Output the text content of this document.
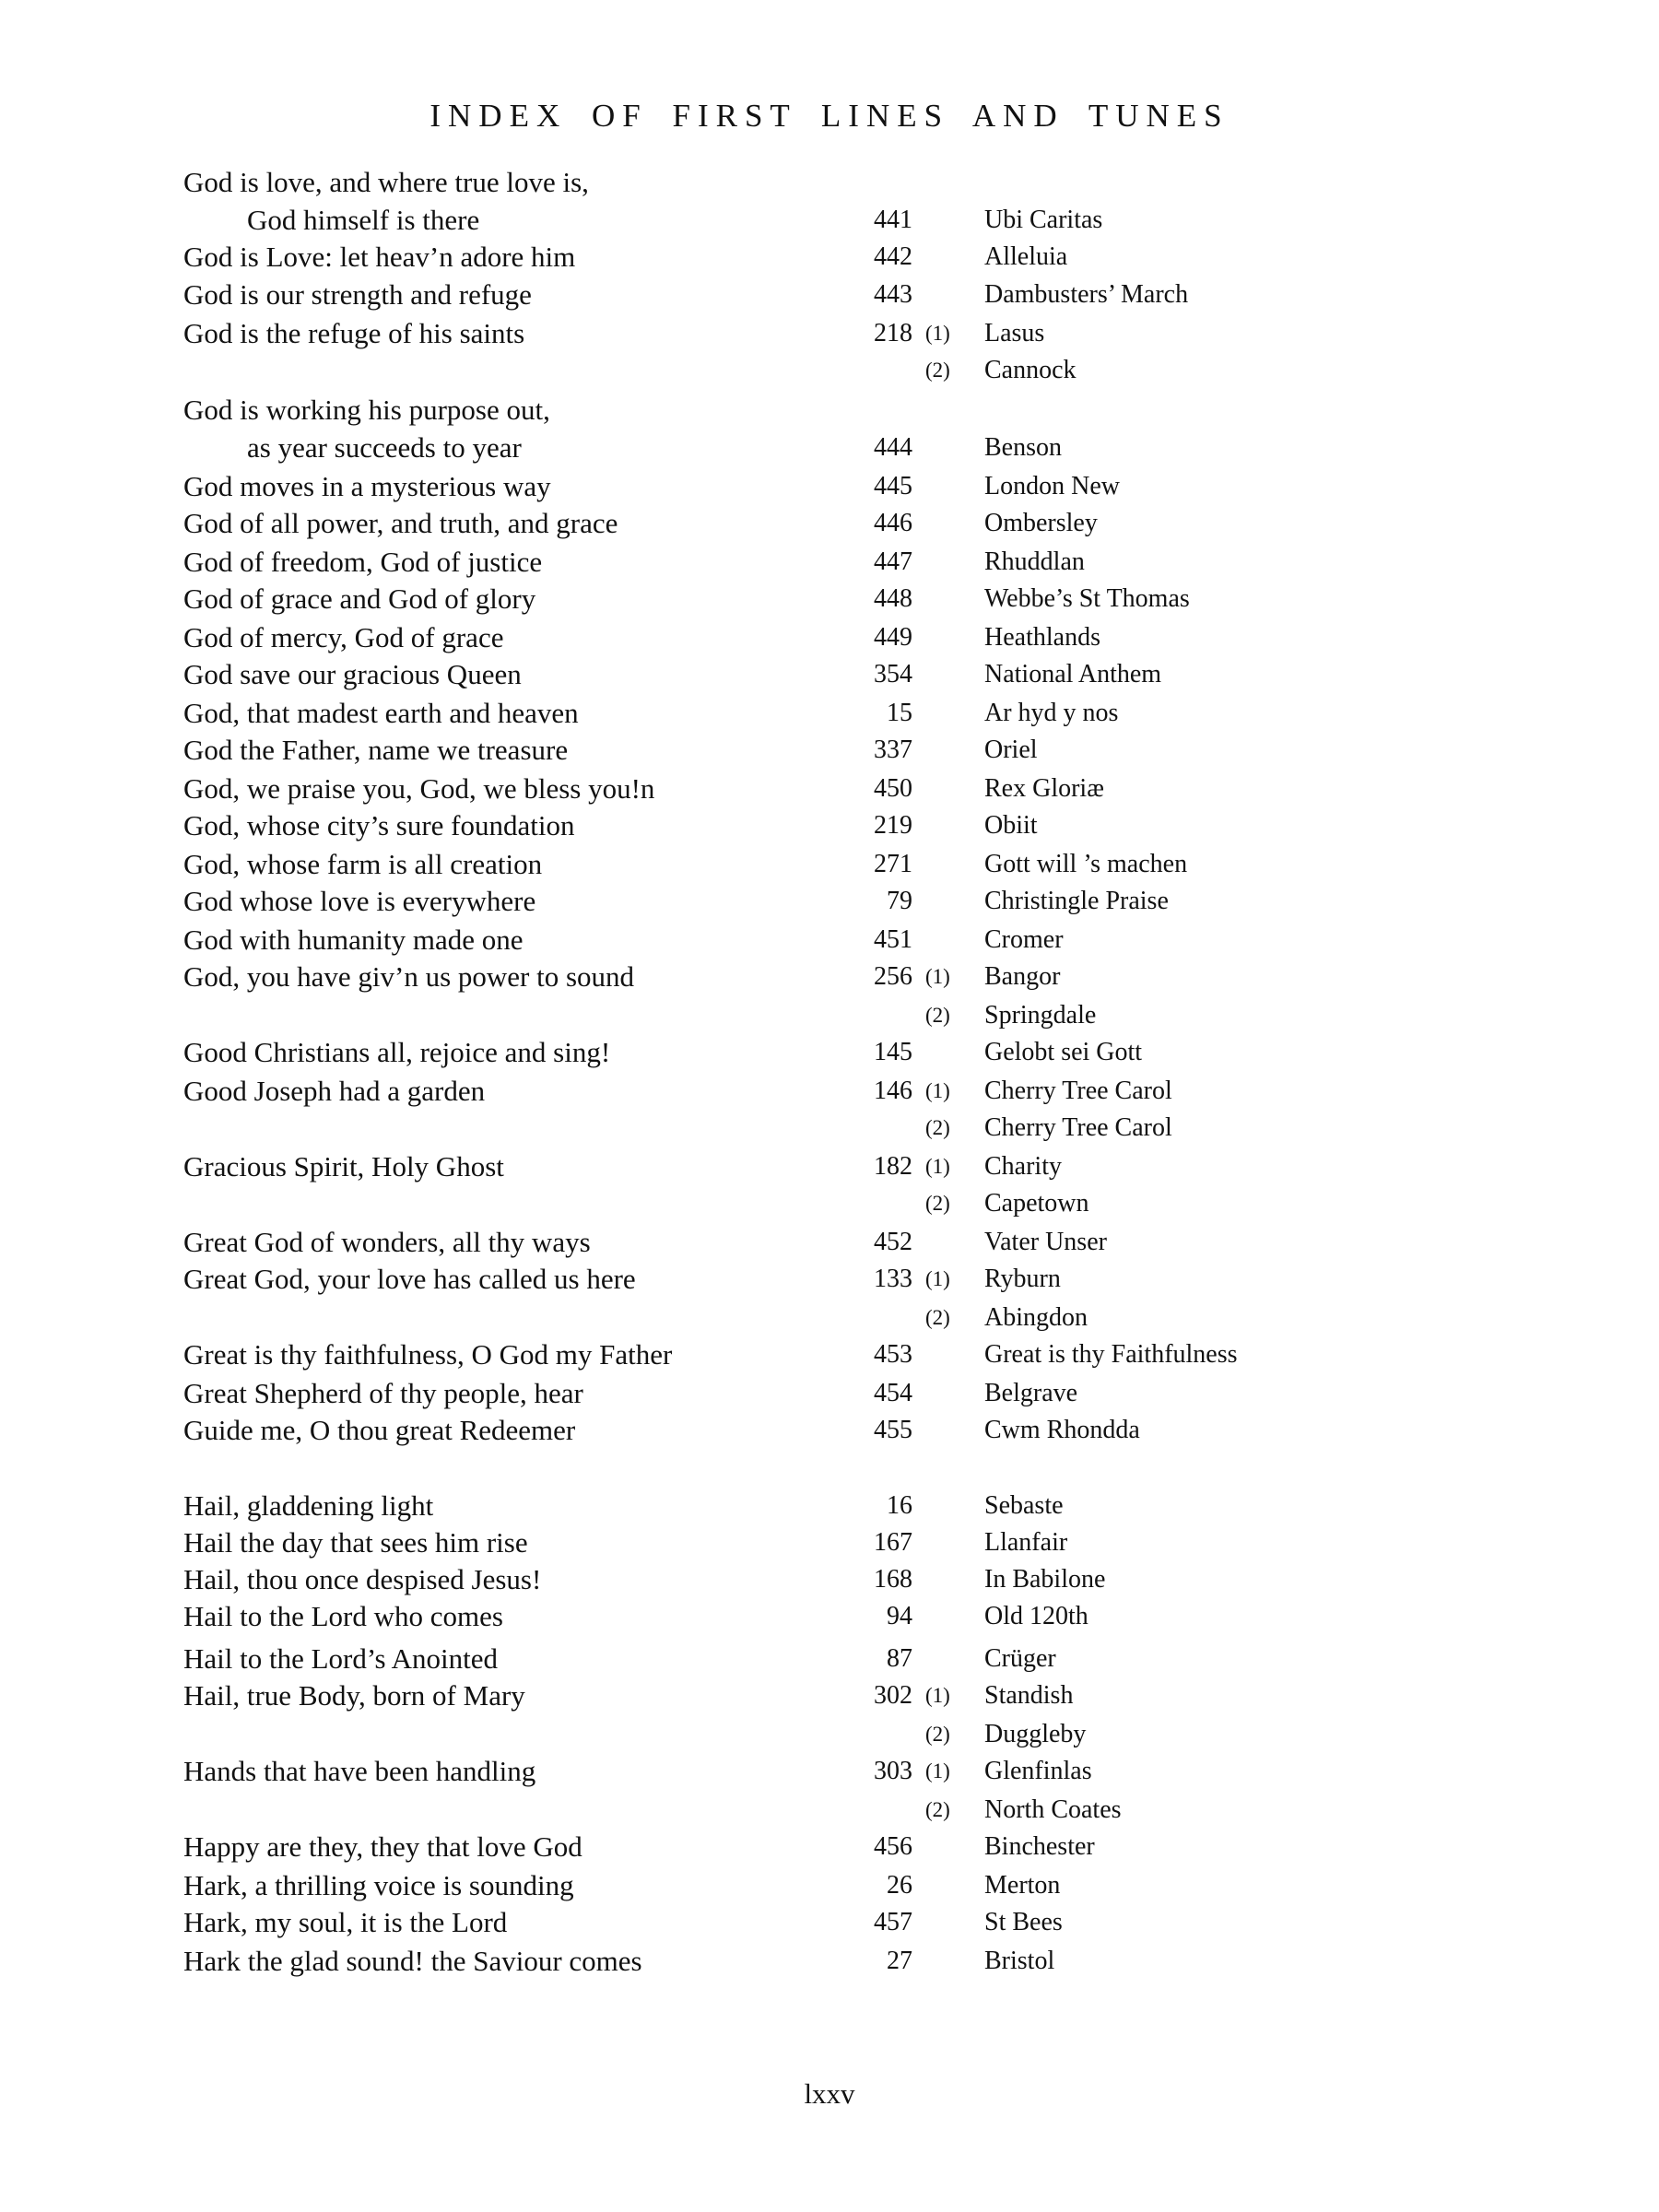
INDEX OF FIRST LINES AND TUNES
God is love, and where true love is,
God himself is there	441	Ubi Caritas
God is Love: let heav’n adore him	442	Alleluia
God is our strength and refuge	443	Dambusters’ March
God is the refuge of his saints	218 (1) Lasus
(2) Cannock
God is working his purpose out,
as year succeeds to year	444	Benson
God moves in a mysterious way	445	London New
God of all power, and truth, and grace	446	Ombersley
God of freedom, God of justice	447	Rhuddlan
God of grace and God of glory	448	Webbe’s St Thomas
God of mercy, God of grace	449	Heathlands
God save our gracious Queen	354	National Anthem
God, that madest earth and heaven	15	Ar hyd y nos
God the Father, name we treasure	337	Oriel
God, we praise you, God, we bless you!n	450	Rex Gloriæ
God, whose city’s sure foundation	219	Obiit
God, whose farm is all creation	271	Gott will ’s machen
God whose love is everywhere	79	Christingle Praise
God with humanity made one	451	Cromer
God, you have giv’n us power to sound	256 (1) Bangor
(2) Springdale
Good Christians all, rejoice and sing!	145	Gelobt sei Gott
Good Joseph had a garden	146 (1) Cherry Tree Carol
(2) Cherry Tree Carol
Gracious Spirit, Holy Ghost	182 (1) Charity
(2) Capetown
Great God of wonders, all thy ways	452	Vater Unser
Great God, your love has called us here	133 (1) Ryburn
(2) Abingdon
Great is thy faithfulness, O God my Father	453	Great is thy Faithfulness
Great Shepherd of thy people, hear	454	Belgrave
Guide me, O thou great Redeemer	455	Cwm Rhondda
Hail, gladdening light	16	Sebaste
Hail the day that sees him rise	167	Llanfair
Hail, thou once despised Jesus!	168	In Babilone
Hail to the Lord who comes	94	Old 120th
Hail to the Lord’s Anointed	87	Crüger
Hail, true Body, born of Mary	302 (1) Standish
(2) Duggleby
Hands that have been handling	303 (1) Glenfinlas
(2) North Coates
Happy are they, they that love God	456	Binchester
Hark, a thrilling voice is sounding	26	Merton
Hark, my soul, it is the Lord	457	St Bees
Hark the glad sound! the Saviour comes	27	Bristol
lxxv
